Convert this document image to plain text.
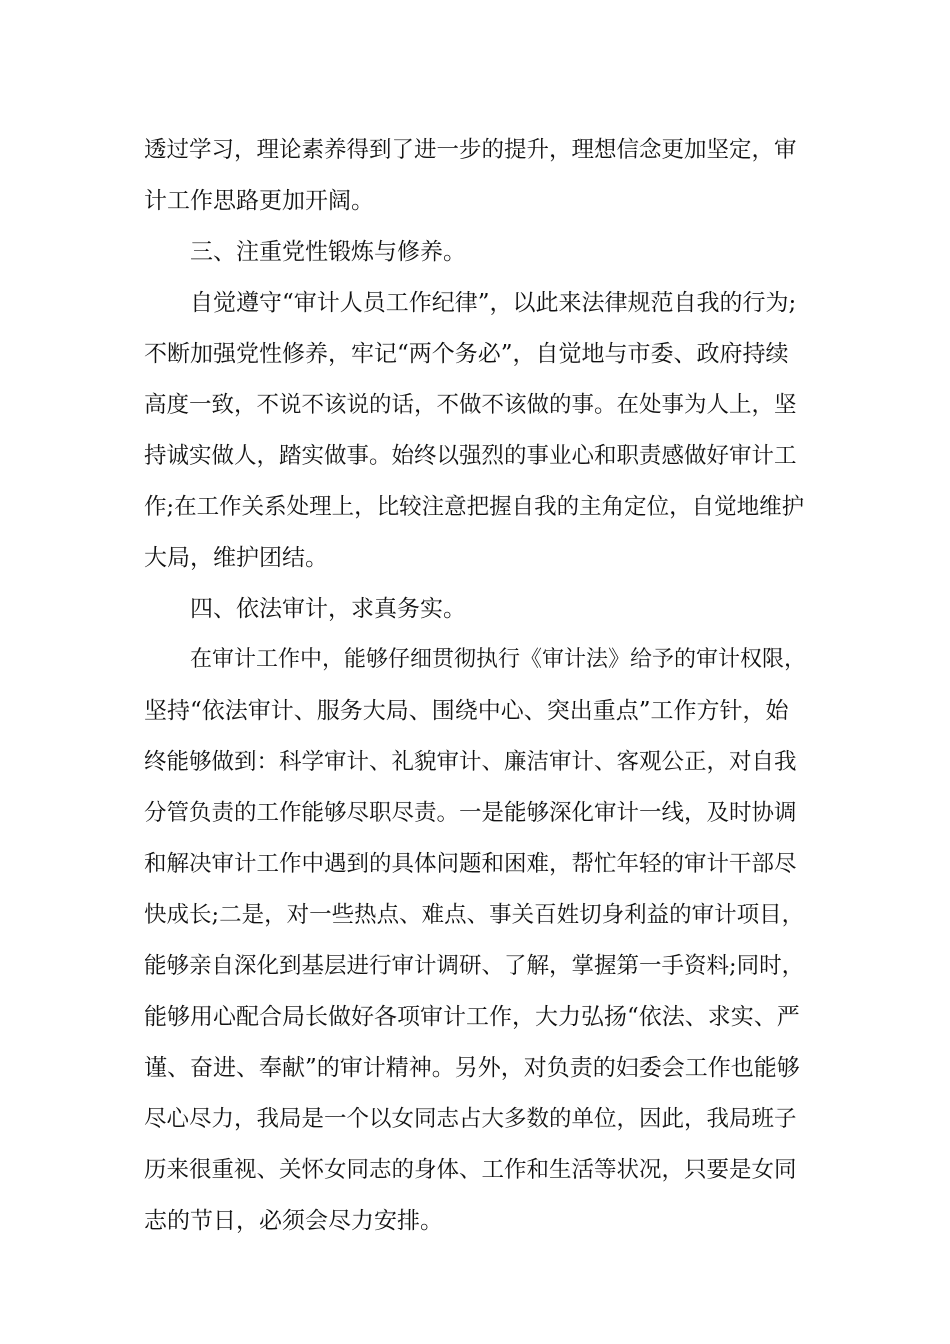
透过学习，理论素养得到了进一步的提升，理想信念更加坚定，审
计工作思路更加开阔。
三、注重党性锻炼与修养。
自觉遵守“审计人员工作纪律”，以此来法律规范自我的行为;
不断加强党性修养，牢记“两个务必”，自觉地与市委、政府持续
高度一致，不说不该说的话，不做不该做的事。在处事为人上，坚
持诚实做人，踏实做事。始终以强烈的事业心和职责感做好审计工
作;在工作关系处理上，比较注意把握自我的主角定位，自觉地维护
大局，维护团结。
四、依法审计，求真务实。
在审计工作中，能够仔细贯彻执行《审计法》给予的审计权限，
坚持“依法审计、服务大局、围绕中心、突出重点”工作方针，始
终能够做到：科学审计、礼貌审计、廉洁审计、客观公正，对自我
分管负责的工作能够尽职尽责。一是能够深化审计一线，及时协调
和解决审计工作中遇到的具体问题和困难，帮忙年轻的审计干部尽
快成长;二是，对一些热点、难点、事关百姓切身利益的审计项目，
能够亲自深化到基层进行审计调研、了解，掌握第一手资料;同时，
能够用心配合局长做好各项审计工作，大力弘扬“依法、求实、严
谨、奋进、奉献”的审计精神。另外，对负责的妇委会工作也能够
尽心尽力，我局是一个以女同志占大多数的单位，因此，我局班子
历来很重视、关怀女同志的身体、工作和生活等状况，只要是女同
志的节日，必须会尽力安排。
